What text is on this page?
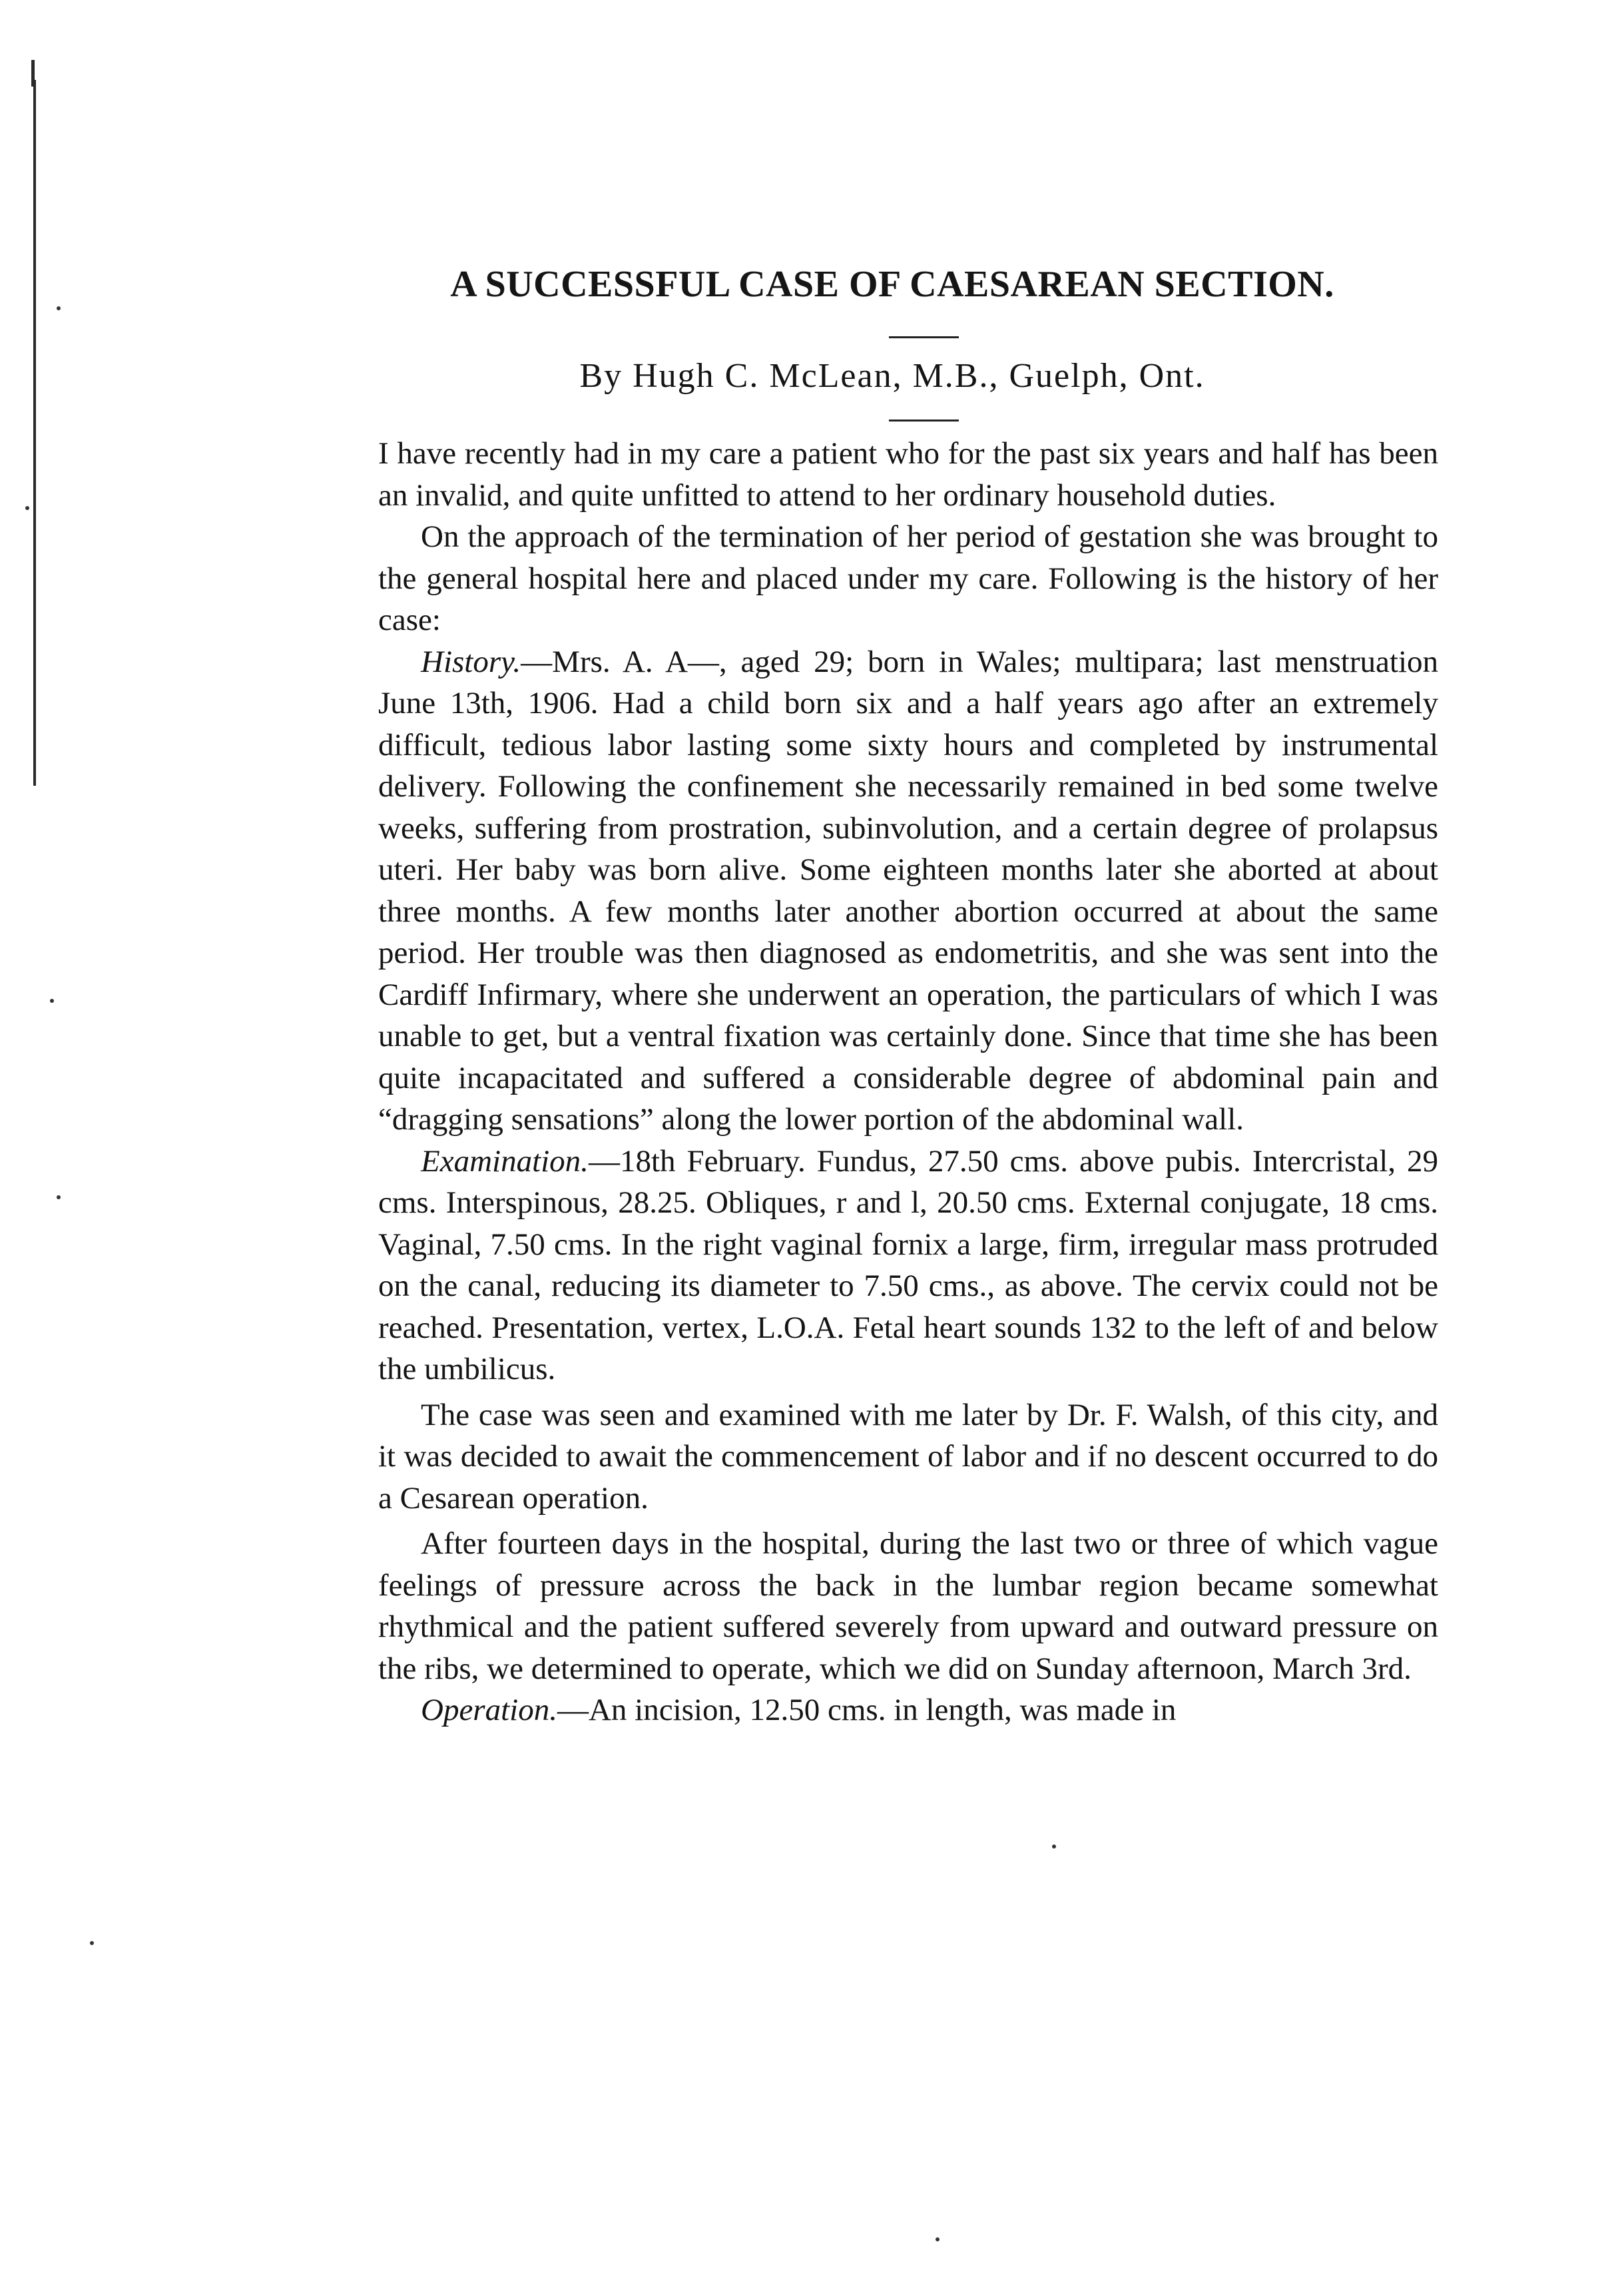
A SUCCESSFUL CASE OF CAESAREAN SECTION.

By Hugh C. McLean, M.B., Guelph, Ont.

I have recently had in my care a patient who for the past six years and half has been an invalid, and quite unfitted to attend to her ordinary household duties.

On the approach of the termination of her period of gestation she was brought to the general hospital here and placed under my care. Following is the history of her case:

History.—Mrs. A. A—, aged 29; born in Wales; multipara; last menstruation June 13th, 1906. Had a child born six and a half years ago after an extremely difficult, tedious labor lasting some sixty hours and completed by instrumental delivery. Following the confinement she necessarily remained in bed some twelve weeks, suffering from prostration, subinvolution, and a certain degree of prolapsus uteri. Her baby was born alive. Some eighteen months later she aborted at about three months. A few months later another abortion occurred at about the same period. Her trouble was then diagnosed as endometritis, and she was sent into the Cardiff Infirmary, where she underwent an operation, the particulars of which I was unable to get, but a ventral fixation was certainly done. Since that time she has been quite incapacitated and suffered a considerable degree of abdominal pain and “dragging sensations” along the lower portion of the abdominal wall.

Examination.—18th February. Fundus, 27.50 cms. above pubis. Intercristal, 29 cms. Interspinous, 28.25. Obliques, r and l, 20.50 cms. External conjugate, 18 cms. Vaginal, 7.50 cms. In the right vaginal fornix a large, firm, irregular mass protruded on the canal, reducing its diameter to 7.50 cms., as above. The cervix could not be reached. Presentation, vertex, L.O.A. Fetal heart sounds 132 to the left of and below the umbilicus.

The case was seen and examined with me later by Dr. F. Walsh, of this city, and it was decided to await the commencement of labor and if no descent occurred to do a Cesarean operation.

After fourteen days in the hospital, during the last two or three of which vague feelings of pressure across the back in the lumbar region became somewhat rhythmical and the patient suffered severely from upward and outward pressure on the ribs, we determined to operate, which we did on Sunday afternoon, March 3rd.

Operation.—An incision, 12.50 cms. in length, was made in
